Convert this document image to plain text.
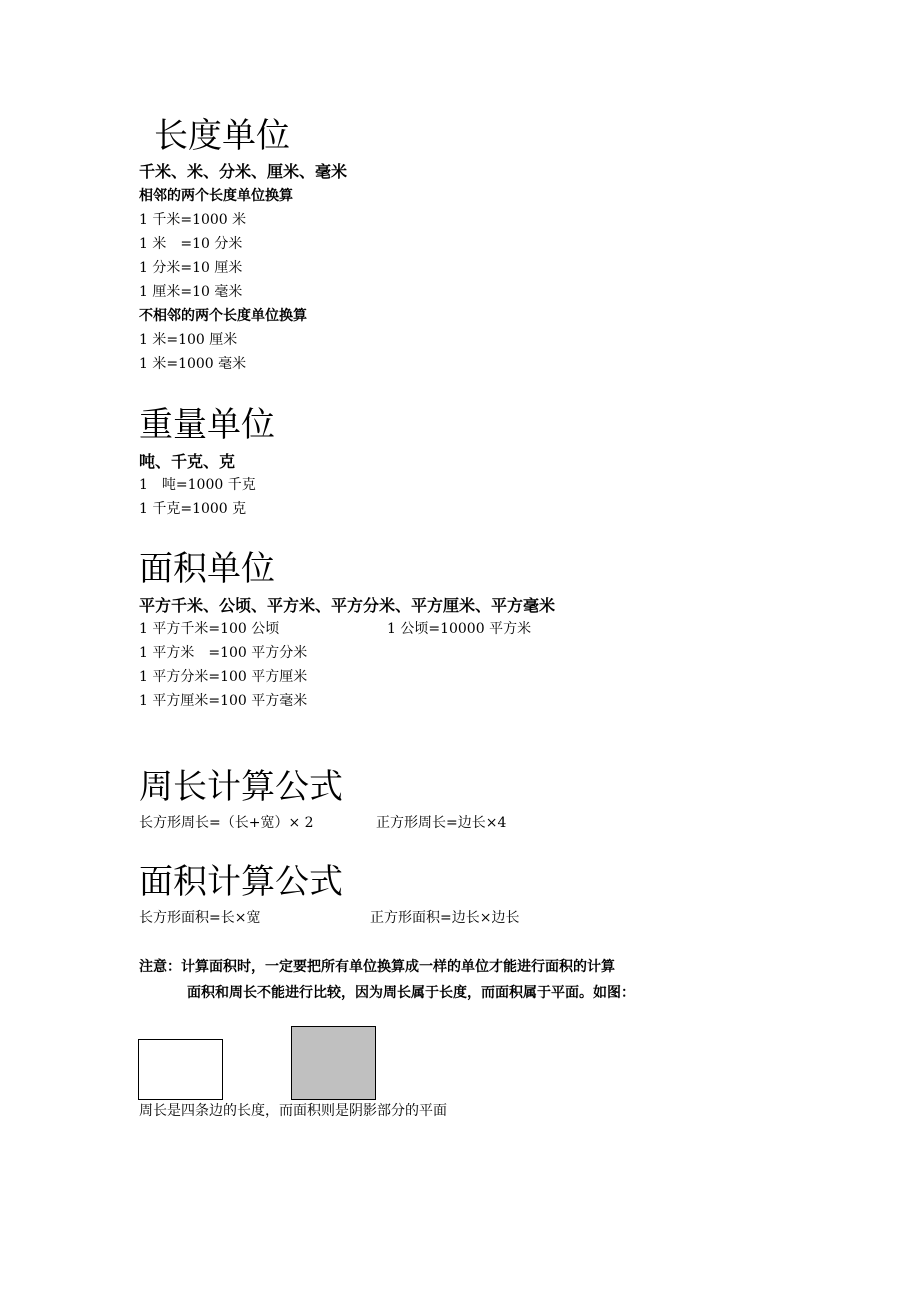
长度单位
千米、米、分米、厘米、毫米
相邻的两个长度单位换算
1 千米=1000 米
1 米　=10 分米
1 分米=10 厘米
1 厘米=10 毫米
不相邻的两个长度单位换算
1 米=100 厘米
1 米=1000 毫米
重量单位
吨、千克、克
1　吨=1000 千克
1 千克=1000 克
面积单位
平方千米、公顷、平方米、平方分米、平方厘米、平方毫米
1 平方千米=100 公顷	1 公顷=10000 平方米
1 平方米　=100 平方分米
1 平方分米=100 平方厘米
1 平方厘米=100 平方毫米
周长计算公式
长方形周长=（长+宽）× 2	正方形周长=边长×4
面积计算公式
长方形面积=长×宽	正方形面积=边长×边长
注意：计算面积时，一定要把所有单位换算成一样的单位才能进行面积的计算
面积和周长不能进行比较，因为周长属于长度，而面积属于平面。如图：
周长是四条边的长度，而面积则是阴影部分的平面
